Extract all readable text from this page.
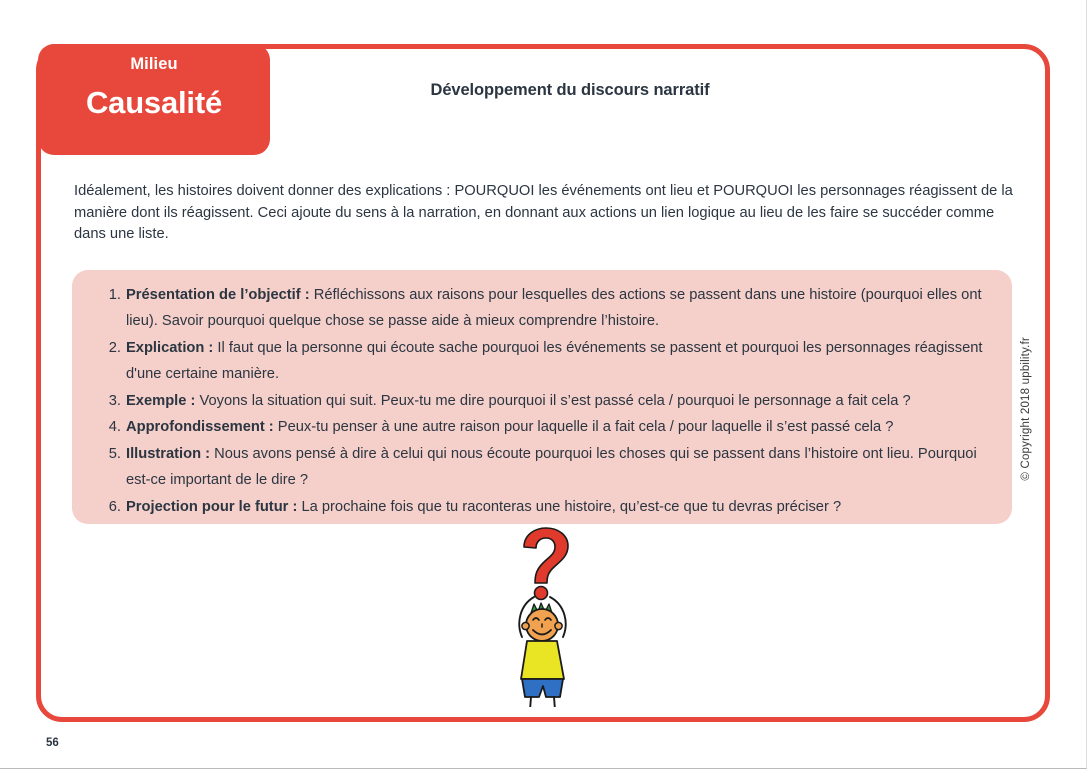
Milieu
Causalité	Développement du discours narratif
Idéalement, les histoires doivent donner des explications : POURQUOI les événements ont lieu et POURQUOI les personnages réagissent de la manière dont ils réagissent. Ceci ajoute du sens à la narration, en donnant aux actions un lien logique au lieu de les faire se succéder comme dans une liste.
Présentation de l’objectif : Réfléchissons aux raisons pour lesquelles des actions se passent dans une histoire (pourquoi elles ont lieu). Savoir pourquoi quelque chose se passe aide à mieux comprendre l’histoire.
Explication : Il faut que la personne qui écoute sache pourquoi les événements se passent et pourquoi les personnages réagissent d'une certaine manière.
Exemple : Voyons la situation qui suit. Peux-tu me dire pourquoi il s’est passé cela / pourquoi le personnage a fait cela ?
Approfondissement : Peux-tu penser à une autre raison pour laquelle il a fait cela / pour laquelle il s’est passé cela ?
Illustration : Nous avons pensé à dire à celui qui nous écoute pourquoi les choses qui se passent dans l’histoire ont lieu. Pourquoi est-ce important de le dire ?
Projection pour le futur : La prochaine fois que tu raconteras une histoire, qu’est-ce que tu devras préciser ?
© Copyright 2018 upbility.fr
56
